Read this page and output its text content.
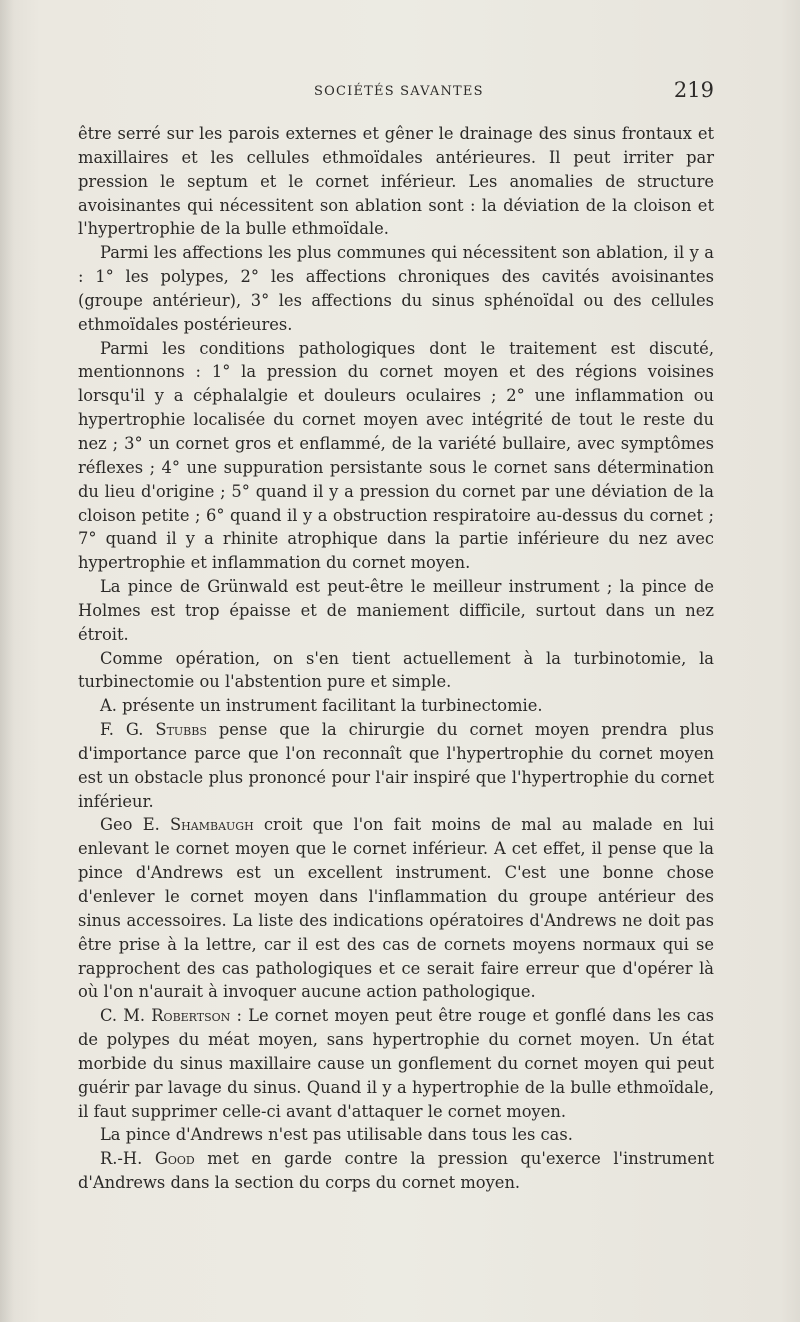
SOCIÉTÉS SAVANTES	219

être serré sur les parois externes et gêner le drainage des sinus frontaux et maxillaires et les cellules ethmoïdales antérieures. Il peut irriter par pression le septum et le cornet inférieur. Les anomalies de structure avoisinantes qui nécessitent son ablation sont : la déviation de la cloison et l'hypertrophie de la bulle ethmoïdale.

Parmi les affections les plus communes qui nécessitent son ablation, il y a : 1° les polypes, 2° les affections chroniques des cavités avoisinantes (groupe antérieur), 3° les affections du sinus sphénoïdal ou des cellules ethmoïdales postérieures.

Parmi les conditions pathologiques dont le traitement est discuté, mentionnons : 1° la pression du cornet moyen et des régions voisines lorsqu'il y a céphalalgie et douleurs oculaires ; 2° une inflammation ou hypertrophie localisée du cornet moyen avec intégrité de tout le reste du nez ; 3° un cornet gros et enflammé, de la variété bullaire, avec symptômes réflexes ; 4° une suppuration persistante sous le cornet sans détermination du lieu d'origine ; 5° quand il y a pression du cornet par une déviation de la cloison petite ; 6° quand il y a obstruction respiratoire au-dessus du cornet ; 7° quand il y a rhinite atrophique dans la partie inférieure du nez avec hypertrophie et inflammation du cornet moyen.

La pince de Grünwald est peut-être le meilleur instrument ; la pince de Holmes est trop épaisse et de maniement difficile, surtout dans un nez étroit.

Comme opération, on s'en tient actuellement à la turbinotomie, la turbinectomie ou l'abstention pure et simple.

A. présente un instrument facilitant la turbinectomie.

F. G. Stubbs pense que la chirurgie du cornet moyen prendra plus d'importance parce que l'on reconnaît que l'hypertrophie du cornet moyen est un obstacle plus prononcé pour l'air inspiré que l'hypertrophie du cornet inférieur.

Geo E. Shambaugh croit que l'on fait moins de mal au malade en lui enlevant le cornet moyen que le cornet inférieur. A cet effet, il pense que la pince d'Andrews est un excellent instrument. C'est une bonne chose d'enlever le cornet moyen dans l'inflammation du groupe antérieur des sinus accessoires. La liste des indications opératoires d'Andrews ne doit pas être prise à la lettre, car il est des cas de cornets moyens normaux qui se rapprochent des cas pathologiques et ce serait faire erreur que d'opérer là où l'on n'aurait à invoquer aucune action pathologique.

C. M. Robertson : Le cornet moyen peut être rouge et gonflé dans les cas de polypes du méat moyen, sans hypertrophie du cornet moyen. Un état morbide du sinus maxillaire cause un gonflement du cornet moyen qui peut guérir par lavage du sinus. Quand il y a hypertrophie de la bulle ethmoïdale, il faut supprimer celle-ci avant d'attaquer le cornet moyen.

La pince d'Andrews n'est pas utilisable dans tous les cas.

R.-H. Good met en garde contre la pression qu'exerce l'instrument d'Andrews dans la section du corps du cornet moyen.
